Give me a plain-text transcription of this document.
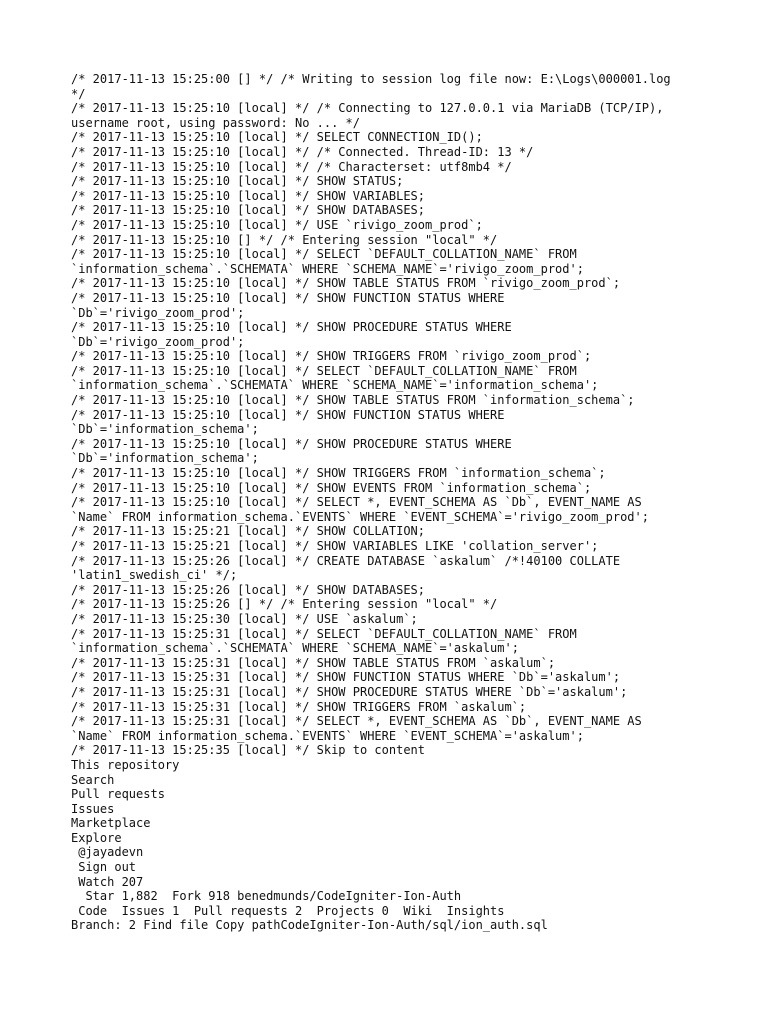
/* 2017-11-13 15:25:00 [] */ /* Writing to session log file now: E:\Logs\000001.log
*/
/* 2017-11-13 15:25:10 [local] */ /* Connecting to 127.0.0.1 via MariaDB (TCP/IP),
username root, using password: No ... */
/* 2017-11-13 15:25:10 [local] */ SELECT CONNECTION_ID();
/* 2017-11-13 15:25:10 [local] */ /* Connected. Thread-ID: 13 */
/* 2017-11-13 15:25:10 [local] */ /* Characterset: utf8mb4 */
/* 2017-11-13 15:25:10 [local] */ SHOW STATUS;
/* 2017-11-13 15:25:10 [local] */ SHOW VARIABLES;
/* 2017-11-13 15:25:10 [local] */ SHOW DATABASES;
/* 2017-11-13 15:25:10 [local] */ USE `rivigo_zoom_prod`;
/* 2017-11-13 15:25:10 [] */ /* Entering session "local" */
/* 2017-11-13 15:25:10 [local] */ SELECT `DEFAULT_COLLATION_NAME` FROM
`information_schema`.`SCHEMATA` WHERE `SCHEMA_NAME`='rivigo_zoom_prod';
/* 2017-11-13 15:25:10 [local] */ SHOW TABLE STATUS FROM `rivigo_zoom_prod`;
/* 2017-11-13 15:25:10 [local] */ SHOW FUNCTION STATUS WHERE
`Db`='rivigo_zoom_prod';
/* 2017-11-13 15:25:10 [local] */ SHOW PROCEDURE STATUS WHERE
`Db`='rivigo_zoom_prod';
/* 2017-11-13 15:25:10 [local] */ SHOW TRIGGERS FROM `rivigo_zoom_prod`;
/* 2017-11-13 15:25:10 [local] */ SELECT `DEFAULT_COLLATION_NAME` FROM
`information_schema`.`SCHEMATA` WHERE `SCHEMA_NAME`='information_schema';
/* 2017-11-13 15:25:10 [local] */ SHOW TABLE STATUS FROM `information_schema`;
/* 2017-11-13 15:25:10 [local] */ SHOW FUNCTION STATUS WHERE
`Db`='information_schema';
/* 2017-11-13 15:25:10 [local] */ SHOW PROCEDURE STATUS WHERE
`Db`='information_schema';
/* 2017-11-13 15:25:10 [local] */ SHOW TRIGGERS FROM `information_schema`;
/* 2017-11-13 15:25:10 [local] */ SHOW EVENTS FROM `information_schema`;
/* 2017-11-13 15:25:10 [local] */ SELECT *, EVENT_SCHEMA AS `Db`, EVENT_NAME AS
`Name` FROM information_schema.`EVENTS` WHERE `EVENT_SCHEMA`='rivigo_zoom_prod';
/* 2017-11-13 15:25:21 [local] */ SHOW COLLATION;
/* 2017-11-13 15:25:21 [local] */ SHOW VARIABLES LIKE 'collation_server';
/* 2017-11-13 15:25:26 [local] */ CREATE DATABASE `askalum` /*!40100 COLLATE
'latin1_swedish_ci' */;
/* 2017-11-13 15:25:26 [local] */ SHOW DATABASES;
/* 2017-11-13 15:25:26 [] */ /* Entering session "local" */
/* 2017-11-13 15:25:30 [local] */ USE `askalum`;
/* 2017-11-13 15:25:31 [local] */ SELECT `DEFAULT_COLLATION_NAME` FROM
`information_schema`.`SCHEMATA` WHERE `SCHEMA_NAME`='askalum';
/* 2017-11-13 15:25:31 [local] */ SHOW TABLE STATUS FROM `askalum`;
/* 2017-11-13 15:25:31 [local] */ SHOW FUNCTION STATUS WHERE `Db`='askalum';
/* 2017-11-13 15:25:31 [local] */ SHOW PROCEDURE STATUS WHERE `Db`='askalum';
/* 2017-11-13 15:25:31 [local] */ SHOW TRIGGERS FROM `askalum`;
/* 2017-11-13 15:25:31 [local] */ SELECT *, EVENT_SCHEMA AS `Db`, EVENT_NAME AS
`Name` FROM information_schema.`EVENTS` WHERE `EVENT_SCHEMA`='askalum';
/* 2017-11-13 15:25:35 [local] */ Skip to content
This repository
Search
Pull requests
Issues
Marketplace
Explore
@jayadevn
Sign out
Watch 207
Star 1,882  Fork 918 benedmunds/CodeIgniter-Ion-Auth
Code  Issues 1  Pull requests 2  Projects 0  Wiki  Insights
Branch: 2 Find file Copy pathCodeIgniter-Ion-Auth/sql/ion_auth.sql
